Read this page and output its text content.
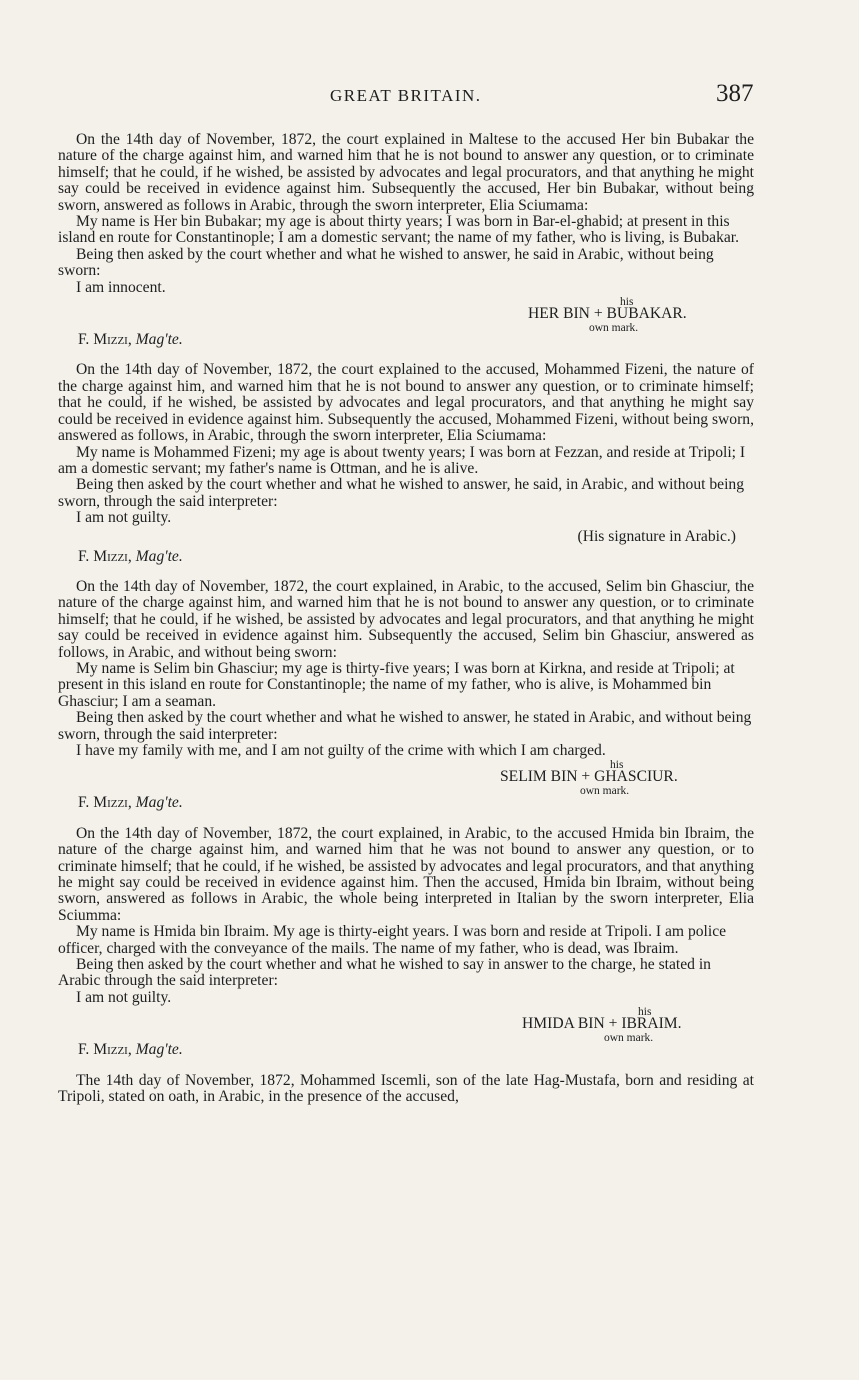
GREAT BRITAIN.	387

On the 14th day of November, 1872, the court explained in Maltese to the accused Her bin Bubakar the nature of the charge against him, and warned him that he is not bound to answer any question, or to criminate himself; that he could, if he wished, be assisted by advocates and legal procurators, and that anything he might say could be received in evidence against him. Subsequently the accused, Her bin Bubakar, without being sworn, answered as follows in Arabic, through the sworn interpreter, Elia Sciumama:

My name is Her bin Bubakar; my age is about thirty years; I was born in Bar-el-ghabid; at present in this island en route for Constantinople; I am a domestic servant; the name of my father, who is living, is Bubakar.

Being then asked by the court whether and what he wished to answer, he said in Arabic, without being sworn:

I am innocent.

his
HER BIN + BUBAKAR.
own mark.

F. Mizzi, Mag'te.

On the 14th day of November, 1872, the court explained to the accused, Mohammed Fizeni, the nature of the charge against him, and warned him that he is not bound to answer any question, or to criminate himself; that he could, if he wished, be assisted by advocates and legal procurators, and that anything he might say could be received in evidence against him. Subsequently the accused, Mohammed Fizeni, without being sworn, answered as follows, in Arabic, through the sworn interpreter, Elia Sciumama:

My name is Mohammed Fizeni; my age is about twenty years; I was born at Fezzan, and reside at Tripoli; I am a domestic servant; my father's name is Ottman, and he is alive.

Being then asked by the court whether and what he wished to answer, he said, in Arabic, and without being sworn, through the said interpreter:

I am not guilty.

(His signature in Arabic.)

F. Mizzi, Mag'te.

On the 14th day of November, 1872, the court explained, in Arabic, to the accused, Selim bin Ghasciur, the nature of the charge against him, and warned him that he is not bound to answer any question, or to criminate himself; that he could, if he wished, be assisted by advocates and legal procurators, and that anything he might say could be received in evidence against him. Subsequently the accused, Selim bin Ghasciur, answered as follows, in Arabic, and without being sworn:

My name is Selim bin Ghasciur; my age is thirty-five years; I was born at Kirkna, and reside at Tripoli; at present in this island en route for Constantinople; the name of my father, who is alive, is Mohammed bin Ghasciur; I am a seaman.

Being then asked by the court whether and what he wished to answer, he stated in Arabic, and without being sworn, through the said interpreter:

I have my family with me, and I am not guilty of the crime with which I am charged.

his
SELIM BIN + GHASCIUR.
own mark.

F. Mizzi, Mag'te.

On the 14th day of November, 1872, the court explained, in Arabic, to the accused Hmida bin Ibraim, the nature of the charge against him, and warned him that he was not bound to answer any question, or to criminate himself; that he could, if he wished, be assisted by advocates and legal procurators, and that anything he might say could be received in evidence against him. Then the accused, Hmida bin Ibraim, without being sworn, answered as follows in Arabic, the whole being interpreted in Italian by the sworn interpreter, Elia Sciumma:

My name is Hmida bin Ibraim. My age is thirty-eight years. I was born and reside at Tripoli. I am police officer, charged with the conveyance of the mails. The name of my father, who is dead, was Ibraim.

Being then asked by the court whether and what he wished to say in answer to the charge, he stated in Arabic through the said interpreter:

I am not guilty.

his
HMIDA BIN + IBRAIM.
own mark.

F. Mizzi, Mag'te.

The 14th day of November, 1872, Mohammed Iscemli, son of the late Hag-Mustafa, born and residing at Tripoli, stated on oath, in Arabic, in the presence of the accused,
